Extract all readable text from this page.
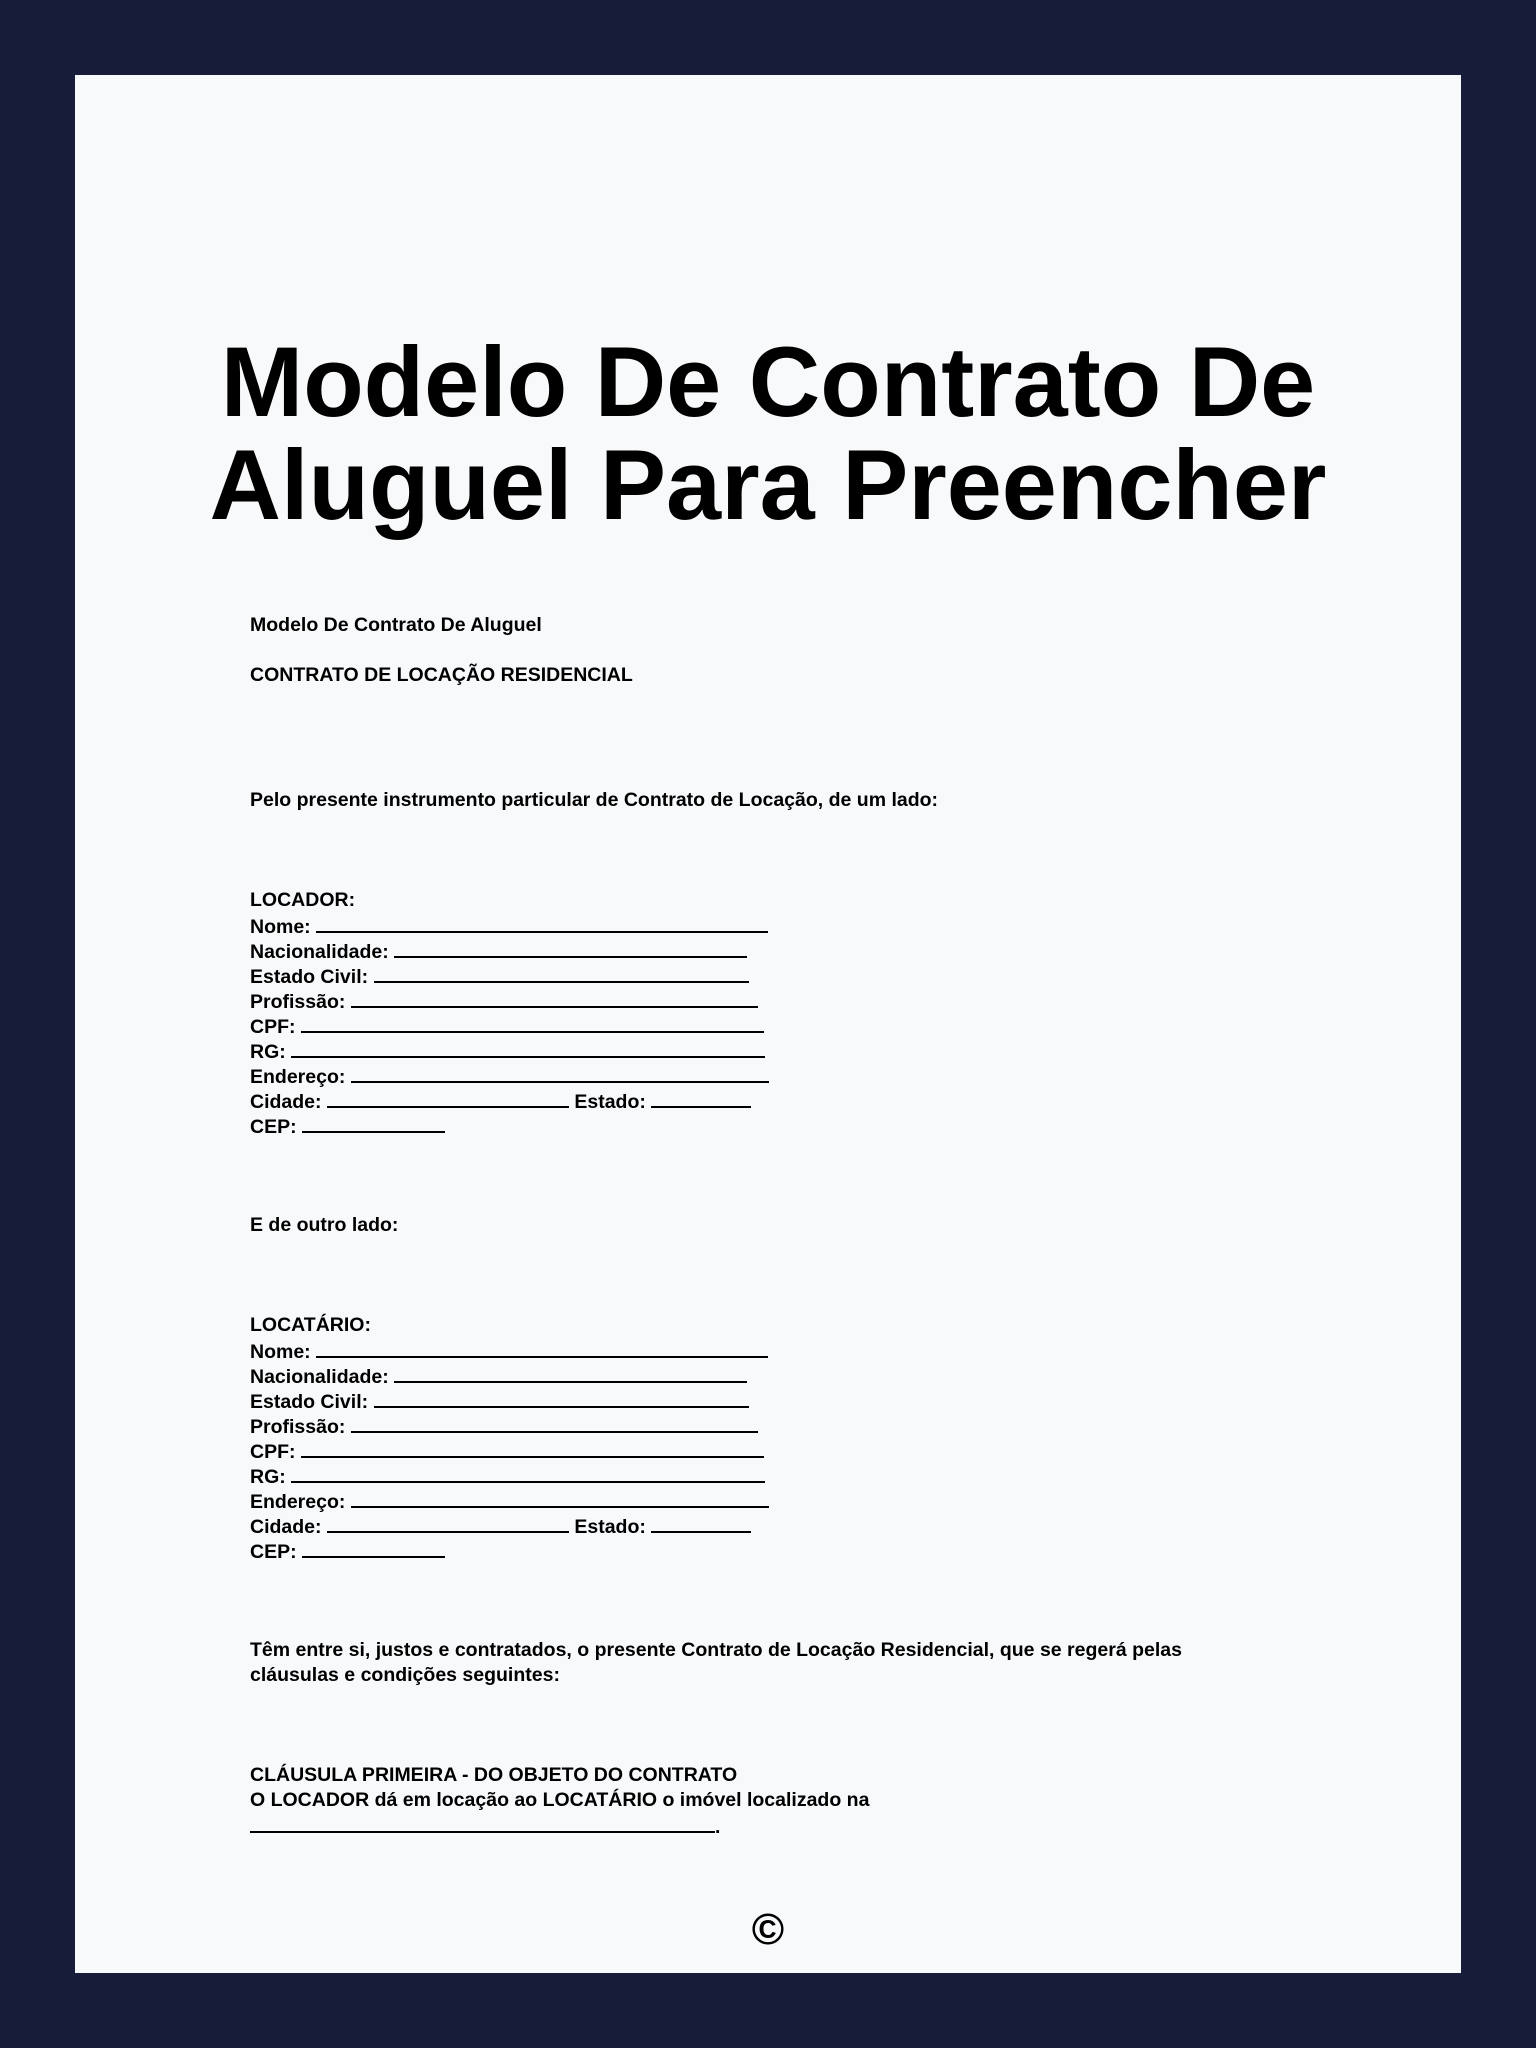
Modelo De Contrato De
Aluguel Para Preencher
Modelo De Contrato De Aluguel
CONTRATO DE LOCAÇÃO RESIDENCIAL
Pelo presente instrumento particular de Contrato de Locação, de um lado:
LOCADOR:
Nome:
Nacionalidade:
Estado Civil:
Profissão:
CPF:
RG:
Endereço:
Cidade:	Estado:
CEP:
E de outro lado:
LOCATÁRIO:
Nome:
Nacionalidade:
Estado Civil:
Profissão:
CPF:
RG:
Endereço:
Cidade:	Estado:
CEP:
Têm entre si, justos e contratados, o presente Contrato de Locação Residencial, que se regerá pelas
cláusulas e condições seguintes:
CLÁUSULA PRIMEIRA - DO OBJETO DO CONTRATO
O LOCADOR dá em locação ao LOCATÁRIO o imóvel localizado na
.
©
